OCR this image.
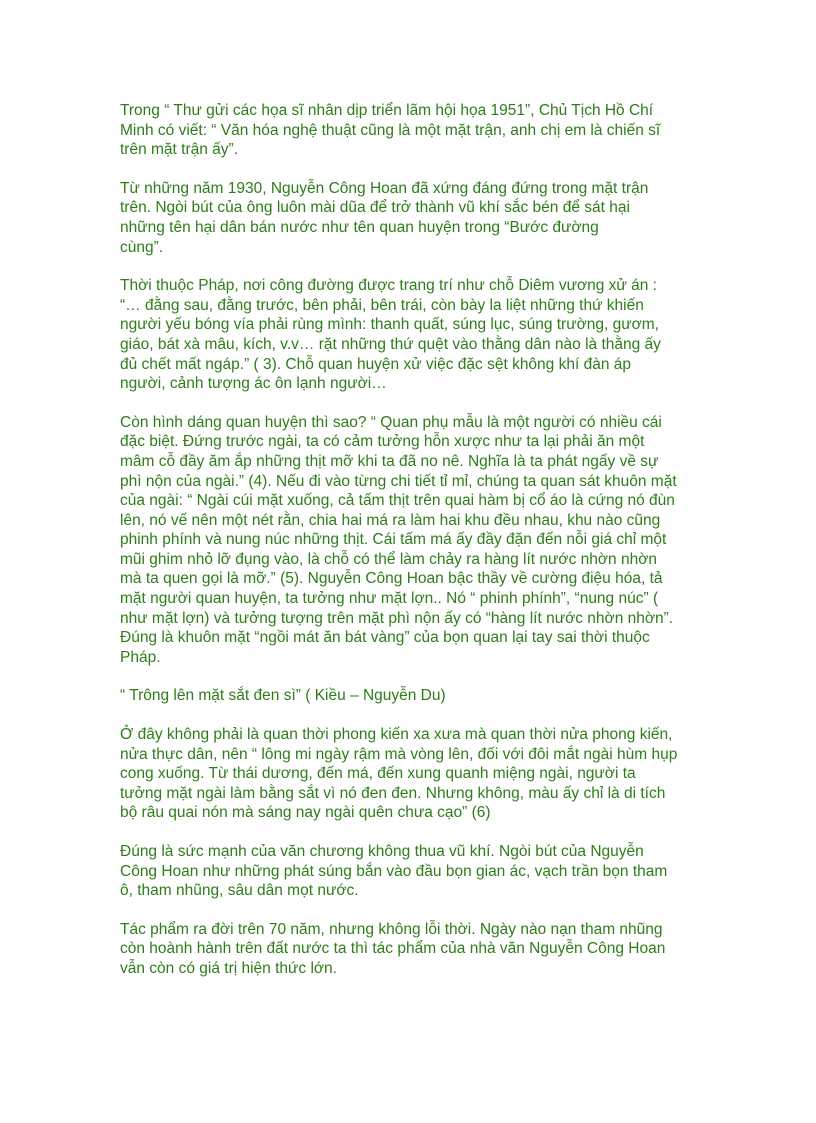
Trong “ Thư gửi các họa sĩ nhân dịp triển lãm hội họa 1951”, Chủ Tịch Hồ Chí
Minh có viết: “ Văn hóa nghệ thuật cũng là một mặt trận, anh chị em là chiến sĩ
trên mặt trận ấy”.
Từ những năm 1930, Nguyễn Công Hoan đã xứng đáng đứng trong mặt trận
trên. Ngòi bút của ông luôn mài dũa để trở thành vũ khí sắc bén để sát hại
những tên hại dân bán nước như tên quan huyện trong “Bước đường
cùng”.
Thời thuộc Pháp, nơi công đường được trang trí như chỗ Diêm vương xử án :
“… đằng sau, đằng trước, bên phải, bên trái, còn bày la liệt những thứ khiến
người yếu bóng vía phải rùng mình: thanh quất, súng lục, súng trường, gươm,
giáo, bát xà mâu, kích, v.v… rặt những thứ quệt vào thằng dân nào là thằng ấy
đủ chết mất ngáp.” ( 3). Chỗ quan huyện xử việc đặc sệt không khí đàn áp
người, cảnh tượng ác ôn lạnh người…
Còn hình dáng quan huyện thì sao? “ Quan phụ mẫu là một người có nhiều cái
đặc biệt. Đứng trước ngài, ta có cảm tưởng hỗn xược như ta lại phải ăn một
mâm cỗ đầy ăm ắp những thịt mỡ khi ta đã no nê. Nghĩa là ta phát ngấy về sự
phì nộn của ngài.” (4). Nếu đi vào từng chi tiết tỉ mỉ, chúng ta quan sát khuôn mặt
của ngài: “ Ngài cúi mặt xuống, cả tấm thịt trên quai hàm bị cổ áo là cứng nó đùn
lên, nó vế nên một nét rằn, chia hai má ra làm hai khu đều nhau, khu nào cũng
phinh phính và nung núc những thịt. Cái tấm má ấy đầy đặn đến nỗi giá chỉ một
mũi ghim nhỏ lỡ đụng vào, là chỗ có thể làm chảy ra hàng lít nước nhờn nhờn
mà ta quen gọi là mỡ.” (5). Nguyễn Công Hoan bậc thầy về cường điệu hóa, tả
mặt người quan huyện, ta tưởng như mặt lợn.. Nó “ phinh phính”, “nung núc” (
như mặt lợn) và tưởng tượng trên mặt phì nộn ấy có “hàng lít nước nhờn nhờn”.
Đúng là khuôn mặt “ngồi mát ăn bát vàng” của bọn quan lại tay sai thời thuộc
Pháp.
“ Trông lên mặt sắt đen sì” ( Kiều – Nguyễn Du)
Ở đây không phải là quan thời phong kiến xa xưa mà quan thời nửa phong kiến,
nửa thực dân, nên “ lông mi ngày rậm mà vòng lên, đối với đôi mắt ngài hùm hụp
cong xuống. Từ thái dương, đến má, đến xung quanh miệng ngài, người ta
tưởng mặt ngài làm bằng sắt vì nó đen đen. Nhưng không, màu ấy chỉ là di tích
bộ râu quai nón mà sáng nay ngài quên chưa cạo” (6)
Đúng là sức mạnh của văn chương không thua vũ khí. Ngòi bút của Nguyễn
Công Hoan như những phát súng bắn vào đầu bọn gian ác, vạch trần bọn tham
ô, tham nhũng, sâu dân mọt nước.
Tác phẩm ra đời trên 70 năm, nhưng không lỗi thời. Ngày nào nạn tham nhũng
còn hoành hành trên đất nước ta thì tác phẩm của nhà văn Nguyễn Công Hoan
vẫn còn có giá trị hiện thức lớn.
